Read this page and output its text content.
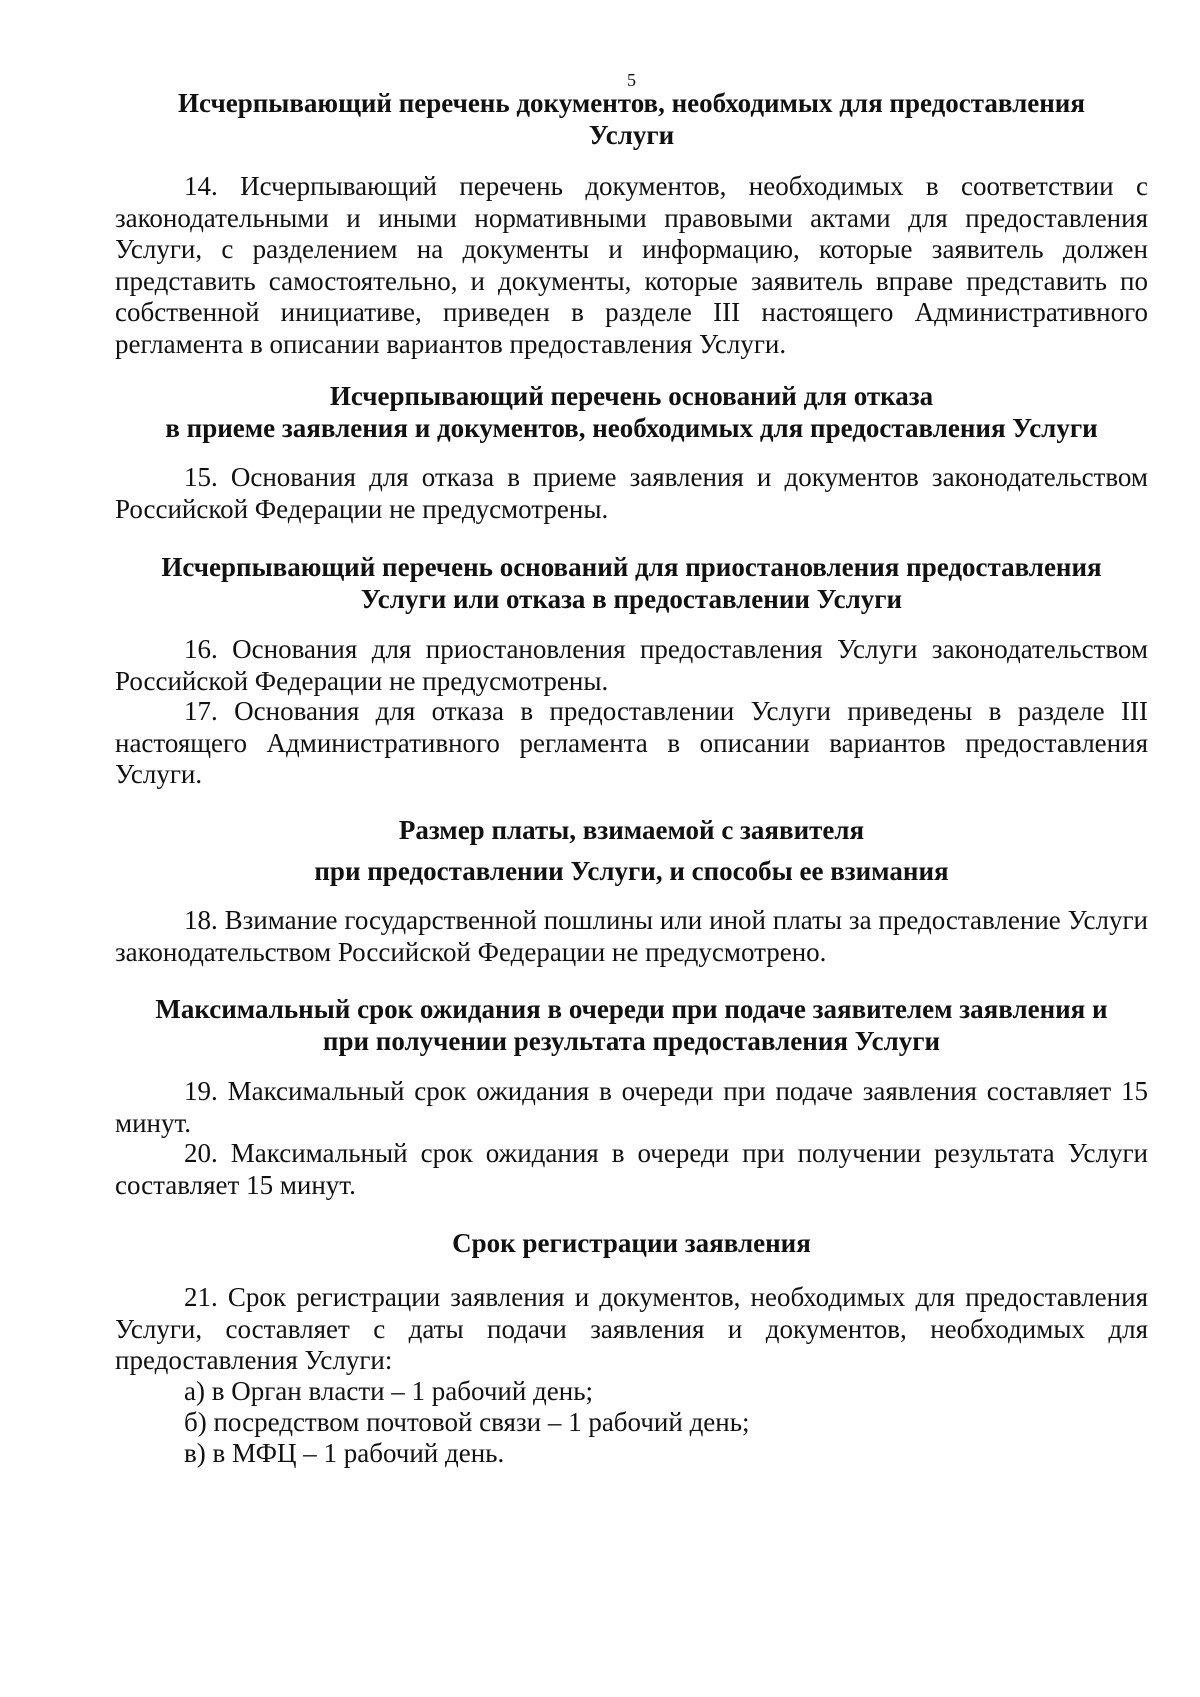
5
Исчерпывающий перечень документов, необходимых для предоставления
Услуги
14. Исчерпывающий перечень документов, необходимых в соответствии с законодательными и иными нормативными правовыми актами для предоставления Услуги, с разделением на документы и информацию, которые заявитель должен представить самостоятельно, и документы, которые заявитель вправе представить по собственной инициативе, приведен в разделе III настоящего Административного регламента в описании вариантов предоставления Услуги.
Исчерпывающий перечень оснований для отказа
в приеме заявления и документов, необходимых для предоставления Услуги
15. Основания для отказа в приеме заявления и документов законодательством Российской Федерации не предусмотрены.
Исчерпывающий перечень оснований для приостановления предоставления
Услуги или отказа в предоставлении Услуги
16. Основания для приостановления предоставления Услуги законодательством Российской Федерации не предусмотрены.
17. Основания для отказа в предоставлении Услуги приведены в разделе III настоящего Административного регламента в описании вариантов предоставления Услуги.
Размер платы, взимаемой с заявителя
при предоставлении Услуги, и способы ее взимания
18. Взимание государственной пошлины или иной платы за предоставление Услуги законодательством Российской Федерации не предусмотрено.
Максимальный срок ожидания в очереди при подаче заявителем заявления и
при получении результата предоставления Услуги
19. Максимальный срок ожидания в очереди при подаче заявления составляет 15 минут.
20. Максимальный срок ожидания в очереди при получении результата Услуги составляет 15 минут.
Срок регистрации заявления
21. Срок регистрации заявления и документов, необходимых для предоставления Услуги, составляет с даты подачи заявления и документов, необходимых для предоставления Услуги:
а) в Орган власти – 1 рабочий день;
б) посредством почтовой связи – 1 рабочий день;
в) в МФЦ – 1 рабочий день.
